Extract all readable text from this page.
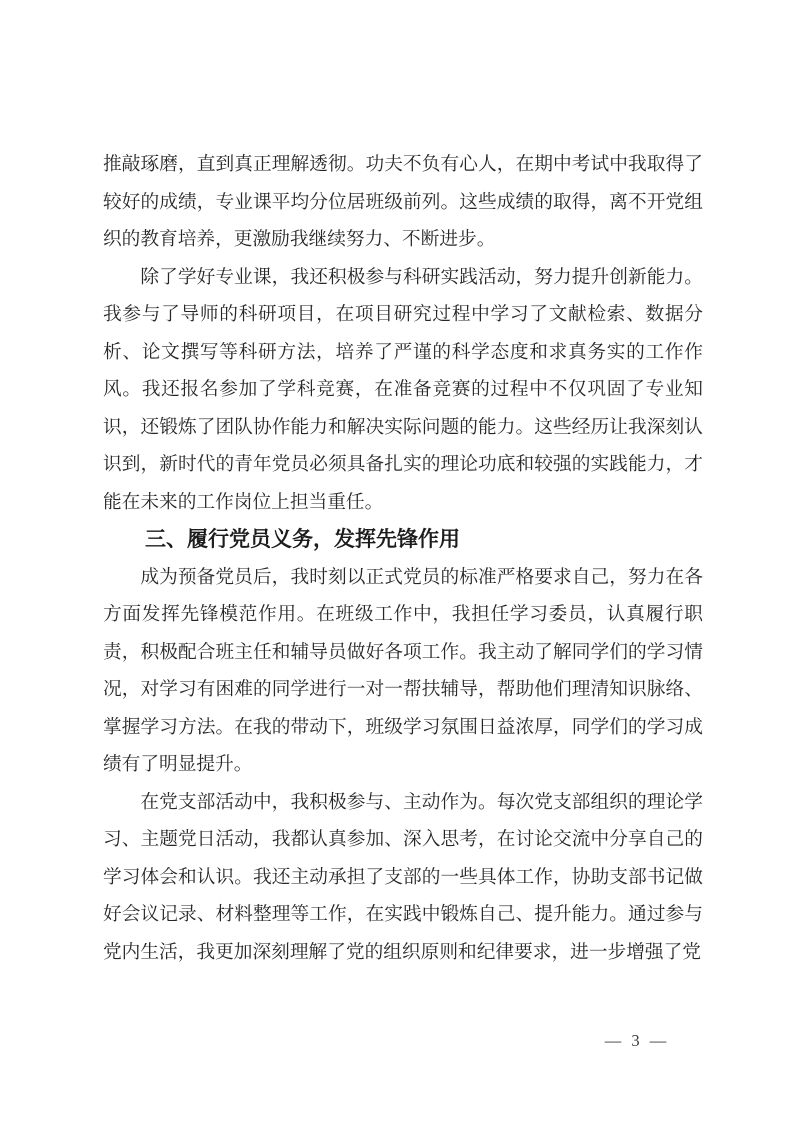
推敲琢磨，直到真正理解透彻。功夫不负有心人，在期中考试中我取得了较好的成绩，专业课平均分位居班级前列。这些成绩的取得，离不开党组织的教育培养，更激励我继续努力、不断进步。

除了学好专业课，我还积极参与科研实践活动，努力提升创新能力。我参与了导师的科研项目，在项目研究过程中学习了文献检索、数据分析、论文撰写等科研方法，培养了严谨的科学态度和求真务实的工作作风。我还报名参加了学科竞赛，在准备竞赛的过程中不仅巩固了专业知识，还锻炼了团队协作能力和解决实际问题的能力。这些经历让我深刻认识到，新时代的青年党员必须具备扎实的理论功底和较强的实践能力，才能在未来的工作岗位上担当重任。

三、履行党员义务，发挥先锋作用

成为预备党员后，我时刻以正式党员的标准严格要求自己，努力在各方面发挥先锋模范作用。在班级工作中，我担任学习委员，认真履行职责，积极配合班主任和辅导员做好各项工作。我主动了解同学们的学习情况，对学习有困难的同学进行一对一帮扶辅导，帮助他们理清知识脉络、掌握学习方法。在我的带动下，班级学习氛围日益浓厚，同学们的学习成绩有了明显提升。

在党支部活动中，我积极参与、主动作为。每次党支部组织的理论学习、主题党日活动，我都认真参加、深入思考，在讨论交流中分享自己的学习体会和认识。我还主动承担了支部的一些具体工作，协助支部书记做好会议记录、材料整理等工作，在实践中锻炼自己、提升能力。通过参与党内生活，我更加深刻理解了党的组织原则和纪律要求，进一步增强了党

— 3 —
